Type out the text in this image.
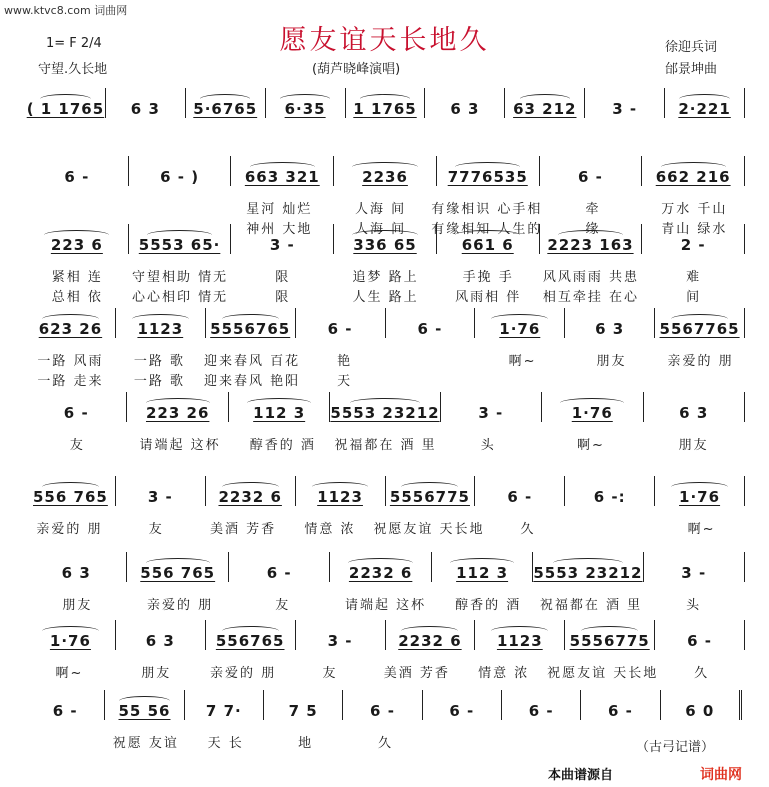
www.ktvc8.com 词曲网
愿友谊天长地久
1= F 2/4
守望.久长地	(葫芦晓峰演唱)
徐迎兵词
邰景坤曲
( 1 1765	6 3	5·6765	6·35	1 1765	6 3	63 212	3 -	2·221
6 -	6 - )	663 321	2236	7776535	6 -	662 216
星河 灿烂	人海 间	有缘相识 心手相	牵	万水 千山
神州 大地	人海 间	有缘相知 人生的	缘	青山 绿水
223 6	5553 65·	3 -	336 65	661 6	2223 163	2 -
紧相 连	守望相助 情无	限	追梦 路上	手挽 手	风风雨雨 共患	难
总相 依	心心相印 情无	限	人生 路上	风雨相 伴	相互牵挂 在心	间
623 26	1123	5556765	6 -	6 -	1·76	6 3	5567765
一路 风雨	一路 歌	迎来春风 百花	艳	啊~	朋友	亲爱的 朋
一路 走来	一路 歌	迎来春风 艳阳	天
6 -	223 26	112 3	5553 23212	3 -	1·76	6 3
友	请端起 这杯	醇香的 酒	祝福都在 酒 里	头	啊~	朋友
556 765	3 -	2232 6	1123	5556775	6 -	6 -:	1·76
亲爱的 朋	友	美酒 芳香	情意 浓	祝愿友谊 天长地	久	啊~
6 3	556 765	6 -	2232 6	112 3	5553 23212	3 -
朋友	亲爱的 朋	友	请端起 这杯	醇香的 酒	祝福都在 酒 里	头
1·76	6 3	556765	3 -	2232 6	1123	5556775	6 -
啊~	朋友	亲爱的 朋	友	美酒 芳香	情意 浓	祝愿友谊 天长地	久
6 -	55 56	7 7·	7 5	6 -	6 -	6 -	6 -	6 0
祝愿 友谊	天 长	地	久	（古弓记谱）
本曲谱源自	词曲网
